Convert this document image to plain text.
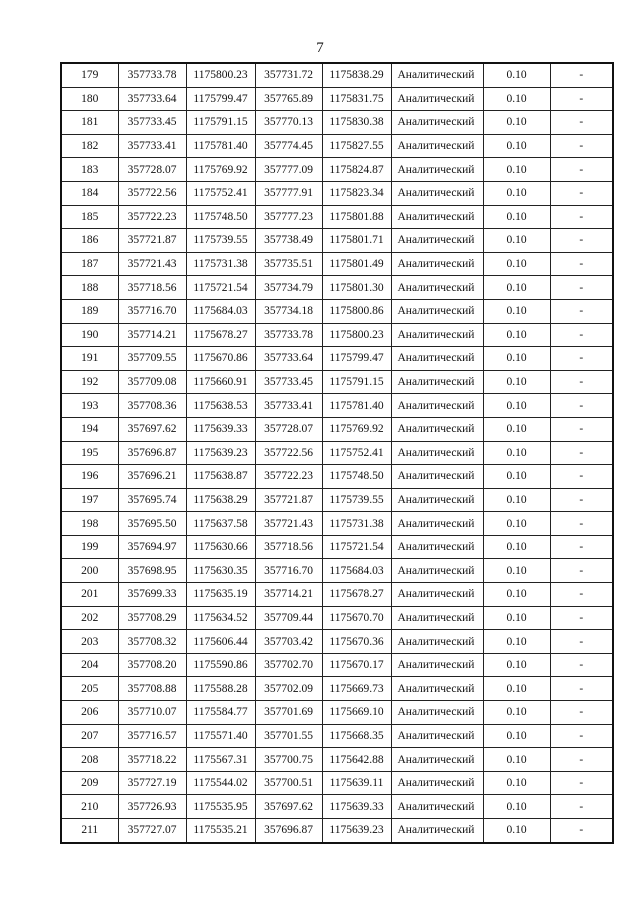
7
179	357733.78	1175800.23	357731.72	1175838.29	Аналитический	0.10	-
180	357733.64	1175799.47	357765.89	1175831.75	Аналитический	0.10	-
181	357733.45	1175791.15	357770.13	1175830.38	Аналитический	0.10	-
182	357733.41	1175781.40	357774.45	1175827.55	Аналитический	0.10	-
183	357728.07	1175769.92	357777.09	1175824.87	Аналитический	0.10	-
184	357722.56	1175752.41	357777.91	1175823.34	Аналитический	0.10	-
185	357722.23	1175748.50	357777.23	1175801.88	Аналитический	0.10	-
186	357721.87	1175739.55	357738.49	1175801.71	Аналитический	0.10	-
187	357721.43	1175731.38	357735.51	1175801.49	Аналитический	0.10	-
188	357718.56	1175721.54	357734.79	1175801.30	Аналитический	0.10	-
189	357716.70	1175684.03	357734.18	1175800.86	Аналитический	0.10	-
190	357714.21	1175678.27	357733.78	1175800.23	Аналитический	0.10	-
191	357709.55	1175670.86	357733.64	1175799.47	Аналитический	0.10	-
192	357709.08	1175660.91	357733.45	1175791.15	Аналитический	0.10	-
193	357708.36	1175638.53	357733.41	1175781.40	Аналитический	0.10	-
194	357697.62	1175639.33	357728.07	1175769.92	Аналитический	0.10	-
195	357696.87	1175639.23	357722.56	1175752.41	Аналитический	0.10	-
196	357696.21	1175638.87	357722.23	1175748.50	Аналитический	0.10	-
197	357695.74	1175638.29	357721.87	1175739.55	Аналитический	0.10	-
198	357695.50	1175637.58	357721.43	1175731.38	Аналитический	0.10	-
199	357694.97	1175630.66	357718.56	1175721.54	Аналитический	0.10	-
200	357698.95	1175630.35	357716.70	1175684.03	Аналитический	0.10	-
201	357699.33	1175635.19	357714.21	1175678.27	Аналитический	0.10	-
202	357708.29	1175634.52	357709.44	1175670.70	Аналитический	0.10	-
203	357708.32	1175606.44	357703.42	1175670.36	Аналитический	0.10	-
204	357708.20	1175590.86	357702.70	1175670.17	Аналитический	0.10	-
205	357708.88	1175588.28	357702.09	1175669.73	Аналитический	0.10	-
206	357710.07	1175584.77	357701.69	1175669.10	Аналитический	0.10	-
207	357716.57	1175571.40	357701.55	1175668.35	Аналитический	0.10	-
208	357718.22	1175567.31	357700.75	1175642.88	Аналитический	0.10	-
209	357727.19	1175544.02	357700.51	1175639.11	Аналитический	0.10	-
210	357726.93	1175535.95	357697.62	1175639.33	Аналитический	0.10	-
211	357727.07	1175535.21	357696.87	1175639.23	Аналитический	0.10	-
